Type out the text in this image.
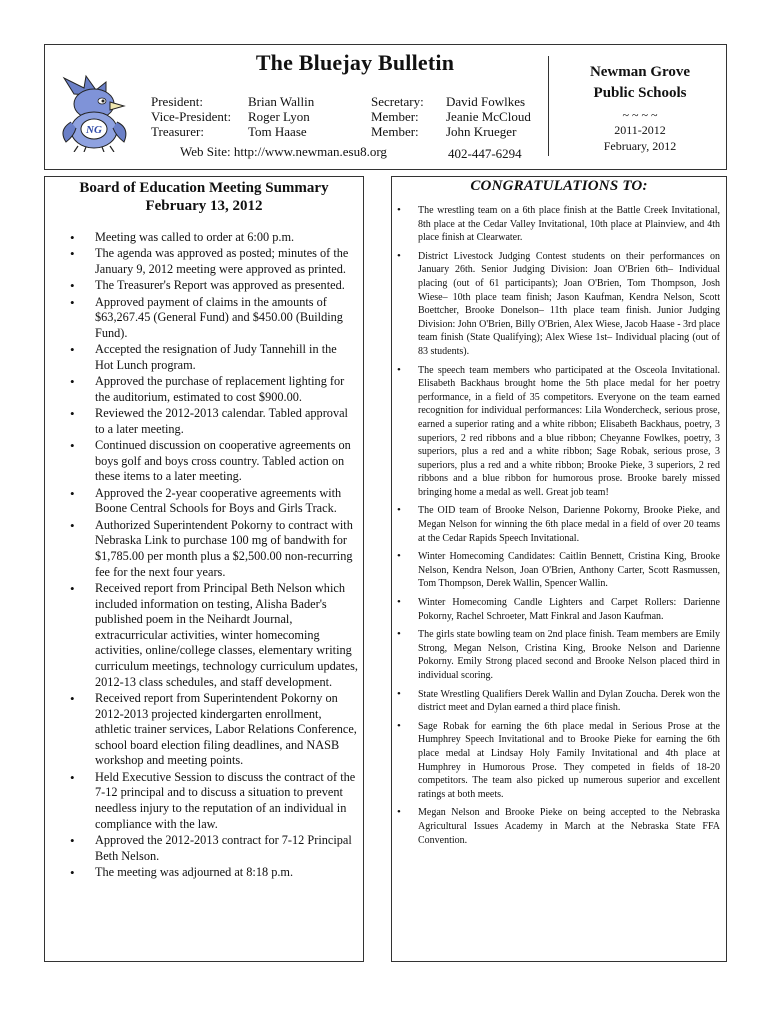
NG
The Bluejay Bulletin
President:
Vice-President:
Treasurer:
Brian Wallin
Roger Lyon
Tom Haase
Secretary:
Member:
Member:
David Fowlkes
Jeanie McCloud
John Krueger
Web Site: http://www.newman.esu8.org	402-447-6294
Newman Grove
Public Schools
~ ~ ~ ~
2011-2012
February, 2012
Board of Education Meeting Summary
February 13, 2012
• Meeting was called to order at 6:00 p.m.
• The agenda was approved as posted; minutes of the January 9, 2012 meeting were approved as printed.
• The Treasurer's Report was approved as presented.
• Approved payment of claims in the amounts of $63,267.45 (General Fund) and $450.00 (Building Fund).
• Accepted the resignation of Judy Tannehill in the Hot Lunch program.
• Approved the purchase of replacement lighting for the auditorium, estimated to cost $900.00.
• Reviewed the 2012-2013 calendar. Tabled approval to a later meeting.
• Continued discussion on cooperative agreements on boys golf and boys cross country. Tabled action on these items to a later meeting.
• Approved the 2-year cooperative agreements with Boone Central Schools for Boys and Girls Track.
• Authorized Superintendent Pokorny to contract with Nebraska Link to purchase 100 mg of bandwith for $1,785.00 per month plus a $2,500.00 non-recurring fee for the next four years.
• Received report from Principal Beth Nelson which included information on testing, Alisha Bader's published poem in the Neihardt Journal, extracurricular activities, winter homecoming activities, online/college classes, elementary writing curriculum meetings, technology curriculum updates, 2012-13 class schedules, and staff development.
• Received report from Superintendent Pokorny on 2012-2013 projected kindergarten enrollment, athletic trainer services, Labor Relations Conference, school board election filing deadlines, and NASB workshop and meeting points.
• Held Executive Session to discuss the contract of the 7-12 principal and to discuss a situation to prevent needless injury to the reputation of an individual in compliance with the law.
• Approved the 2012-2013 contract for 7-12 Principal Beth Nelson.
• The meeting was adjourned at 8:18 p.m.
CONGRATULATIONS TO:
• The wrestling team on a 6th place finish at the Battle Creek Invitational, 8th place at the Cedar Valley Invitational, 10th place at Plainview, and 4th place finish at Clearwater.
• District Livestock Judging Contest students on their performances on January 26th. Senior Judging Division: Joan O'Brien 6th– Individual placing (out of 61 participants); Joan O'Brien, Tom Thompson, Josh Wiese– 10th place team finish; Jason Kaufman, Kendra Nelson, Scott Boettcher, Brooke Donelson– 11th place team finish. Junior Judging Division: John O'Brien, Billy O'Brien, Alex Wiese, Jacob Haase - 3rd place team finish (State Qualifying); Alex Wiese 1st– Individual placing (out of 83 students).
• The speech team members who participated at the Osceola Invitational. Elisabeth Backhaus brought home the 5th place medal for her poetry performance, in a field of 35 competitors. Everyone on the team earned recognition for individual performances: Lila Wondercheck, serious prose, earned a superior rating and a white ribbon; Elisabeth Backhaus, poetry, 3 superiors, 2 red ribbons and a blue ribbon; Cheyanne Fowlkes, poetry, 3 superiors, plus a red and a white ribbon; Sage Robak, serious prose, 3 superiors, plus a red and a white ribbon; Brooke Pieke, 3 superiors, 2 red ribbons and a blue ribbon for humorous prose. Brooke barely missed bringing home a medal as well. Great job team!
• The OID team of Brooke Nelson, Darienne Pokorny, Brooke Pieke, and Megan Nelson for winning the 6th place medal in a field of over 20 teams at the Cedar Rapids Speech Invitational.
• Winter Homecoming Candidates: Caitlin Bennett, Cristina King, Brooke Nelson, Kendra Nelson, Joan O'Brien, Anthony Carter, Scott Rasmussen, Tom Thompson, Derek Wallin, Spencer Wallin.
• Winter Homecoming Candle Lighters and Carpet Rollers: Darienne Pokorny, Rachel Schroeter, Matt Finkral and Jason Kaufman.
• The girls state bowling team on 2nd place finish. Team members are Emily Strong, Megan Nelson, Cristina King, Brooke Nelson and Darienne Pokorny. Emily Strong placed second and Brooke Nelson placed third in individual scoring.
• State Wrestling Qualifiers Derek Wallin and Dylan Zoucha. Derek won the district meet and Dylan earned a third place finish.
• Sage Robak for earning the 6th place medal in Serious Prose at the Humphrey Speech Invitational and to Brooke Pieke for earning the 6th place medal at Lindsay Holy Family Invitational and 4th place at Humphrey in Humorous Prose. They competed in fields of 18-20 competitors. The team also picked up numerous superior and excellent ratings at both meets.
• Megan Nelson and Brooke Pieke on being accepted to the Nebraska Agricultural Issues Academy in March at the Nebraska State FFA Convention.
